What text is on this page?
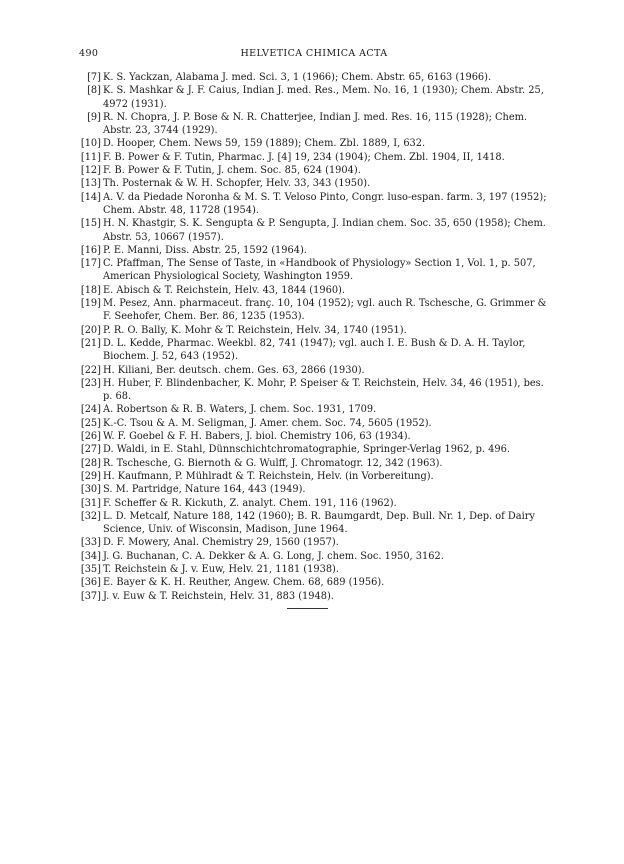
490	HELVETICA CHIMICA ACTA
[7] K. S. Yackzan, Alabama J. med. Sci. 3, 1 (1966); Chem. Abstr. 65, 6163 (1966).
[8] K. S. Mashkar & J. F. Caius, Indian J. med. Res., Mem. No. 16, 1 (1930); Chem. Abstr. 25, 4972 (1931).
[9] R. N. Chopra, J. P. Bose & N. R. Chatterjee, Indian J. med. Res. 16, 115 (1928); Chem. Abstr. 23, 3744 (1929).
[10] D. Hooper, Chem. News 59, 159 (1889); Chem. Zbl. 1889, I, 632.
[11] F. B. Power & F. Tutin, Pharmac. J. [4] 19, 234 (1904); Chem. Zbl. 1904, II, 1418.
[12] F. B. Power & F. Tutin, J. chem. Soc. 85, 624 (1904).
[13] Th. Posternak & W. H. Schopfer, Helv. 33, 343 (1950).
[14] A. V. da Piedade Noronha & M. S. T. Veloso Pinto, Congr. luso-espan. farm. 3, 197 (1952); Chem. Abstr. 48, 11728 (1954).
[15] H. N. Khastgir, S. K. Sengupta & P. Sengupta, J. Indian chem. Soc. 35, 650 (1958); Chem. Abstr. 53, 10667 (1957).
[16] P. E. Manni, Diss. Abstr. 25, 1592 (1964).
[17] C. Pfaffman, The Sense of Taste, in «Handbook of Physiology» Section 1, Vol. 1, p. 507, American Physiological Society, Washington 1959.
[18] E. Abisch & T. Reichstein, Helv. 43, 1844 (1960).
[19] M. Pesez, Ann. pharmaceut. franç. 10, 104 (1952); vgl. auch R. Tschesche, G. Grimmer & F. Seehofer, Chem. Ber. 86, 1235 (1953).
[20] P. R. O. Bally, K. Mohr & T. Reichstein, Helv. 34, 1740 (1951).
[21] D. L. Kedde, Pharmac. Weekbl. 82, 741 (1947); vgl. auch I. E. Bush & D. A. H. Taylor, Biochem. J. 52, 643 (1952).
[22] H. Kiliani, Ber. deutsch. chem. Ges. 63, 2866 (1930).
[23] H. Huber, F. Blindenbacher, K. Mohr, P. Speiser & T. Reichstein, Helv. 34, 46 (1951), bes. p. 68.
[24] A. Robertson & R. B. Waters, J. chem. Soc. 1931, 1709.
[25] K.-C. Tsou & A. M. Seligman, J. Amer. chem. Soc. 74, 5605 (1952).
[26] W. F. Goebel & F. H. Babers, J. biol. Chemistry 106, 63 (1934).
[27] D. Waldi, in E. Stahl, Dünnschichtchromatographie, Springer-Verlag 1962, p. 496.
[28] R. Tschesche, G. Biernoth & G. Wulff, J. Chromatogr. 12, 342 (1963).
[29] H. Kaufmann, P. Mühlradt & T. Reichstein, Helv. (in Vorbereitung).
[30] S. M. Partridge, Nature 164, 443 (1949).
[31] F. Scheffer & R. Kickuth, Z. analyt. Chem. 191, 116 (1962).
[32] L. D. Metcalf, Nature 188, 142 (1960); B. R. Baumgardt, Dep. Bull. Nr. 1, Dep. of Dairy Science, Univ. of Wisconsin, Madison, June 1964.
[33] D. F. Mowery, Anal. Chemistry 29, 1560 (1957).
[34] J. G. Buchanan, C. A. Dekker & A. G. Long, J. chem. Soc. 1950, 3162.
[35] T. Reichstein & J. v. Euw, Helv. 21, 1181 (1938).
[36] E. Bayer & K. H. Reuther, Angew. Chem. 68, 689 (1956).
[37] J. v. Euw & T. Reichstein, Helv. 31, 883 (1948).
